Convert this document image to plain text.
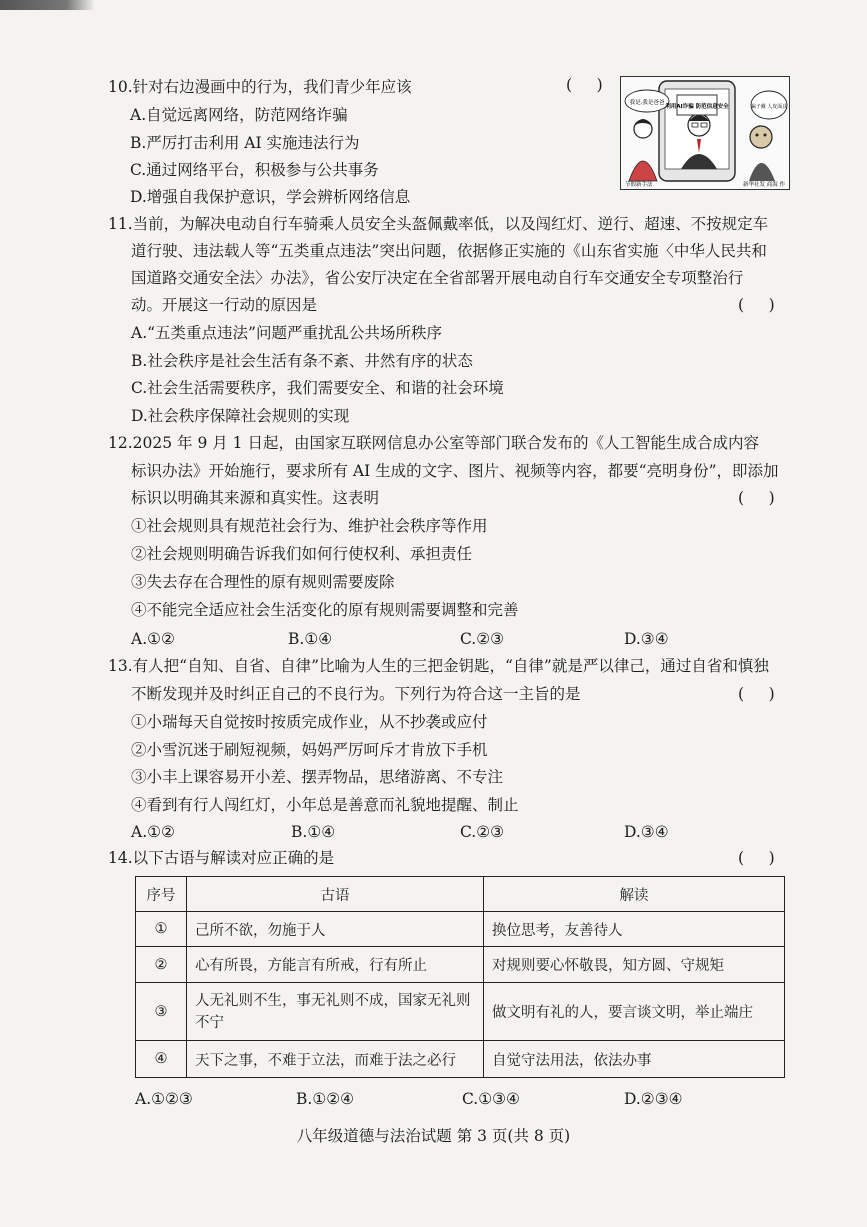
10.针对右边漫画中的行为，我们青少年应该	(     )
A.自觉远离网络，防范网络诈骗
B.严厉打击利用 AI 实施违法行为
C.通过网络平台，积极参与公共事务
D.增强自我保护意识，学会辨析网络信息
我是,我是爸爸
利用AI诈骗 防范信息安全	骗子戴 人皮面具
节假新手法	新华社发 商海 作
11.当前，为解决电动自行车骑乘人员安全头盔佩戴率低，以及闯红灯、逆行、超速、不按规定车
道行驶、违法载人等“五类重点违法”突出问题，依据修正实施的《山东省实施〈中华人民共和
国道路交通安全法〉办法》，省公安厅决定在全省部署开展电动自行车交通安全专项整治行
动。开展这一行动的原因是	(     )
A.“五类重点违法”问题严重扰乱公共场所秩序
B.社会秩序是社会生活有条不紊、井然有序的状态
C.社会生活需要秩序，我们需要安全、和谐的社会环境
D.社会秩序保障社会规则的实现
12.2025 年 9 月 1 日起，由国家互联网信息办公室等部门联合发布的《人工智能生成合成内容
标识办法》开始施行，要求所有 AI 生成的文字、图片、视频等内容，都要“亮明身份”，即添加
标识以明确其来源和真实性。这表明	(     )
①社会规则具有规范社会行为、维护社会秩序等作用
②社会规则明确告诉我们如何行使权利、承担责任
③失去存在合理性的原有规则需要废除
④不能完全适应社会生活变化的原有规则需要调整和完善
A.①②	B.①④	C.②③	D.③④
13.有人把“自知、自省、自律”比喻为人生的三把金钥匙，“自律”就是严以律己，通过自省和慎独
不断发现并及时纠正自己的不良行为。下列行为符合这一主旨的是	(     )
①小瑞每天自觉按时按质完成作业，从不抄袭或应付
②小雪沉迷于刷短视频，妈妈严厉呵斥才肯放下手机
③小丰上课容易开小差、摆弄物品，思绪游离、不专注
④看到有行人闯红灯，小年总是善意而礼貌地提醒、制止
A.①②	B.①④	C.②③	D.③④
14.以下古语与解读对应正确的是	(     )
序号	古语	解读
①	己所不欲，勿施于人	换位思考，友善待人
②	心有所畏，方能言有所戒，行有所止	对规则要心怀敬畏，知方圆、守规矩
③	人无礼则不生，事无礼则不成，国家无礼则不宁	做文明有礼的人，要言谈文明，举止端庄
④	天下之事，不难于立法，而难于法之必行	自觉守法用法，依法办事
A.①②③	B.①②④	C.①③④	D.②③④
八年级道德与法治试题 第 3 页(共 8 页)
